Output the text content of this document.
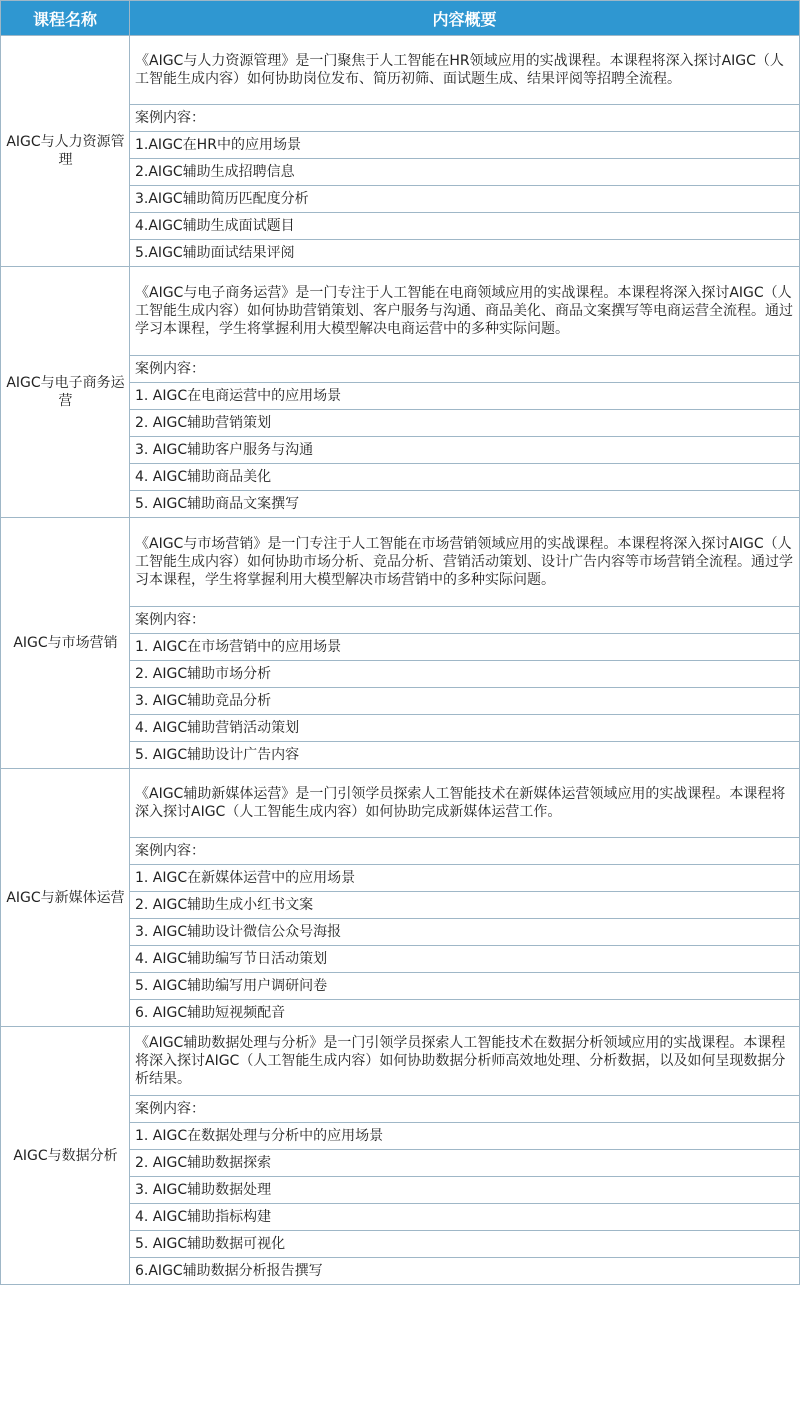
课程名称	内容概要
AIGC与人力资源管理	《AIGC与人力资源管理》是一门聚焦于人工智能在HR领域应用的实战课程。本课程将深入探讨AIGC（人工智能生成内容）如何协助岗位发布、简历初筛、面试题生成、结果评阅等招聘全流程。
	案例内容：
	1.AIGC在HR中的应用场景
	2.AIGC辅助生成招聘信息
	3.AIGC辅助简历匹配度分析
	4.AIGC辅助生成面试题目
	5.AIGC辅助面试结果评阅
AIGC与电子商务运营	《AIGC与电子商务运营》是一门专注于人工智能在电商领域应用的实战课程。本课程将深入探讨AIGC（人工智能生成内容）如何协助营销策划、客户服务与沟通、商品美化、商品文案撰写等电商运营全流程。通过学习本课程，学生将掌握利用大模型解决电商运营中的多种实际问题。
	案例内容：
	1. AIGC在电商运营中的应用场景
	2. AIGC辅助营销策划
	3. AIGC辅助客户服务与沟通
	4. AIGC辅助商品美化
	5. AIGC辅助商品文案撰写
AIGC与市场营销	《AIGC与市场营销》是一门专注于人工智能在市场营销领域应用的实战课程。本课程将深入探讨AIGC（人工智能生成内容）如何协助市场分析、竞品分析、营销活动策划、设计广告内容等市场营销全流程。通过学习本课程，学生将掌握利用大模型解决市场营销中的多种实际问题。
	案例内容：
	1. AIGC在市场营销中的应用场景
	2. AIGC辅助市场分析
	3. AIGC辅助竞品分析
	4. AIGC辅助营销活动策划
	5. AIGC辅助设计广告内容
AIGC与新媒体运营	《AIGC辅助新媒体运营》是一门引领学员探索人工智能技术在新媒体运营领域应用的实战课程。本课程将深入探讨AIGC（人工智能生成内容）如何协助完成新媒体运营工作。
	案例内容：
	1. AIGC在新媒体运营中的应用场景
	2. AIGC辅助生成小红书文案
	3. AIGC辅助设计微信公众号海报
	4. AIGC辅助编写节日活动策划
	5. AIGC辅助编写用户调研问卷
	6. AIGC辅助短视频配音
AIGC与数据分析	《AIGC辅助数据处理与分析》是一门引领学员探索人工智能技术在数据分析领域应用的实战课程。本课程将深入探讨AIGC（人工智能生成内容）如何协助数据分析师高效地处理、分析数据，以及如何呈现数据分析结果。
	案例内容：
	1. AIGC在数据处理与分析中的应用场景
	2. AIGC辅助数据探索
	3. AIGC辅助数据处理
	4. AIGC辅助指标构建
	5. AIGC辅助数据可视化
	6.AIGC辅助数据分析报告撰写
